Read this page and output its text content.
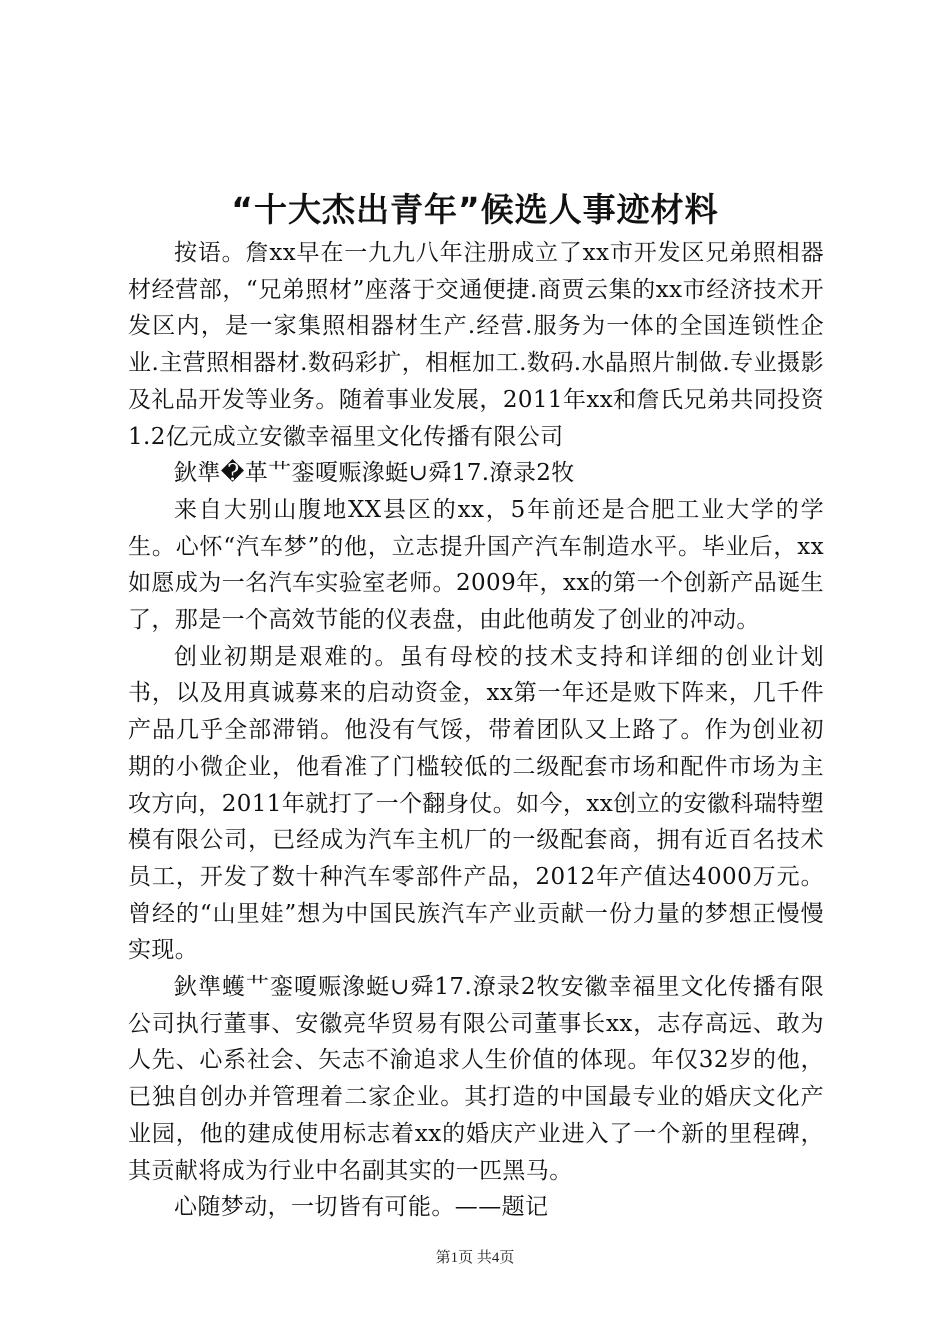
“十大杰出青年”候选人事迹材料

按语。詹xx早在一九九八年注册成立了xx市开发区兄弟照相器材经营部，“兄弟照材”座落于交通便捷.商贾云集的xx市经济技术开发区内，是一家集照相器材生产.经营.服务为一体的全国连锁性企业.主营照相器材.数码彩扩，相框加工.数码.水晶照片制做.专业摄影及礼品开发等业务。随着事业发展，2011年xx和詹氏兄弟共同投资1.2亿元成立安徽幸福里文化传播有限公司

鈥準�革艹銮嗄赈潒蜓∪舜17.潦录2牧

来自大别山腹地XX县区的xx，5年前还是合肥工业大学的学生。心怀“汽车梦”的他，立志提升国产汽车制造水平。毕业后，xx如愿成为一名汽车实验室老师。2009年，xx的第一个创新产品诞生了，那是一个高效节能的仪表盘，由此他萌发了创业的冲动。

创业初期是艰难的。虽有母校的技术支持和详细的创业计划书，以及用真诚募来的启动资金，xx第一年还是败下阵来，几千件产品几乎全部滞销。他没有气馁，带着团队又上路了。作为创业初期的小微企业，他看准了门槛较低的二级配套市场和配件市场为主攻方向，2011年就打了一个翻身仗。如今，xx创立的安徽科瑞特塑模有限公司，已经成为汽车主机厂的一级配套商，拥有近百名技术员工，开发了数十种汽车零部件产品，2012年产值达4000万元。曾经的“山里娃”想为中国民族汽车产业贡献一份力量的梦想正慢慢实现。

鈥準蠖艹銮嗄赈潒蜓∪舜17.潦录2牧安徽幸福里文化传播有限公司执行董事、安徽亮华贸易有限公司董事长xx，志存高远、敢为人先、心系社会、矢志不渝追求人生价值的体现。年仅32岁的他，已独自创办并管理着二家企业。其打造的中国最专业的婚庆文化产业园，他的建成使用标志着xx的婚庆产业进入了一个新的里程碑，其贡献将成为行业中名副其实的一匹黑马。

心随梦动，一切皆有可能。——题记

第1页 共4页
